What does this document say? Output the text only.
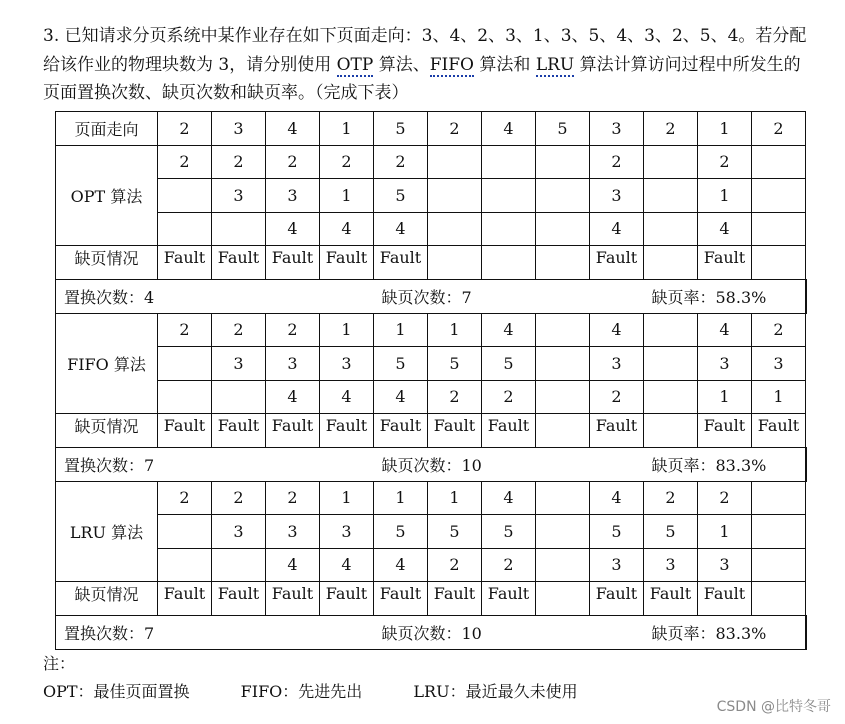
3. 已知请求分页系统中某作业存在如下页面走向：3、4、2、3、1、3、5、4、3、2、5、4。若分配
给该作业的物理块数为 3，请分别使用 OTP 算法、FIFO 算法和 LRU 算法计算访问过程中所发生的
页面置换次数、缺页次数和缺页率。（完成下表）
页面走向	2	3	4	1	5	2	4	5	3	2	1	2
OPT 算法	2	2	2	2	2				2		2	
		3	3	1	5				3		1	
			4	4	4				4		4	
缺页情况	Fault	Fault	Fault	Fault	Fault				Fault		Fault	
置换次数：4					缺页次数：7					缺页率：58.3%		
FIFO 算法	2	2	2	1	1	1	4		4		4	2
		3	3	3	5	5	5		3		3	3
			4	4	4	2	2		2		1	1
缺页情况	Fault	Fault	Fault	Fault	Fault	Fault	Fault		Fault		Fault	Fault
置换次数：7					缺页次数：10					缺页率：83.3%		
LRU 算法	2	2	2	1	1	1	4		4	2	2	
		3	3	3	5	5	5		5	5	1	
			4	4	4	2	2		3	3	3	
缺页情况	Fault	Fault	Fault	Fault	Fault	Fault	Fault		Fault	Fault	Fault	
置换次数：7					缺页次数：10					缺页率：83.3%		
注：
OPT：最佳页面置换	FIFO：先进先出	LRU：最近最久未使用
CSDN @比特冬哥
